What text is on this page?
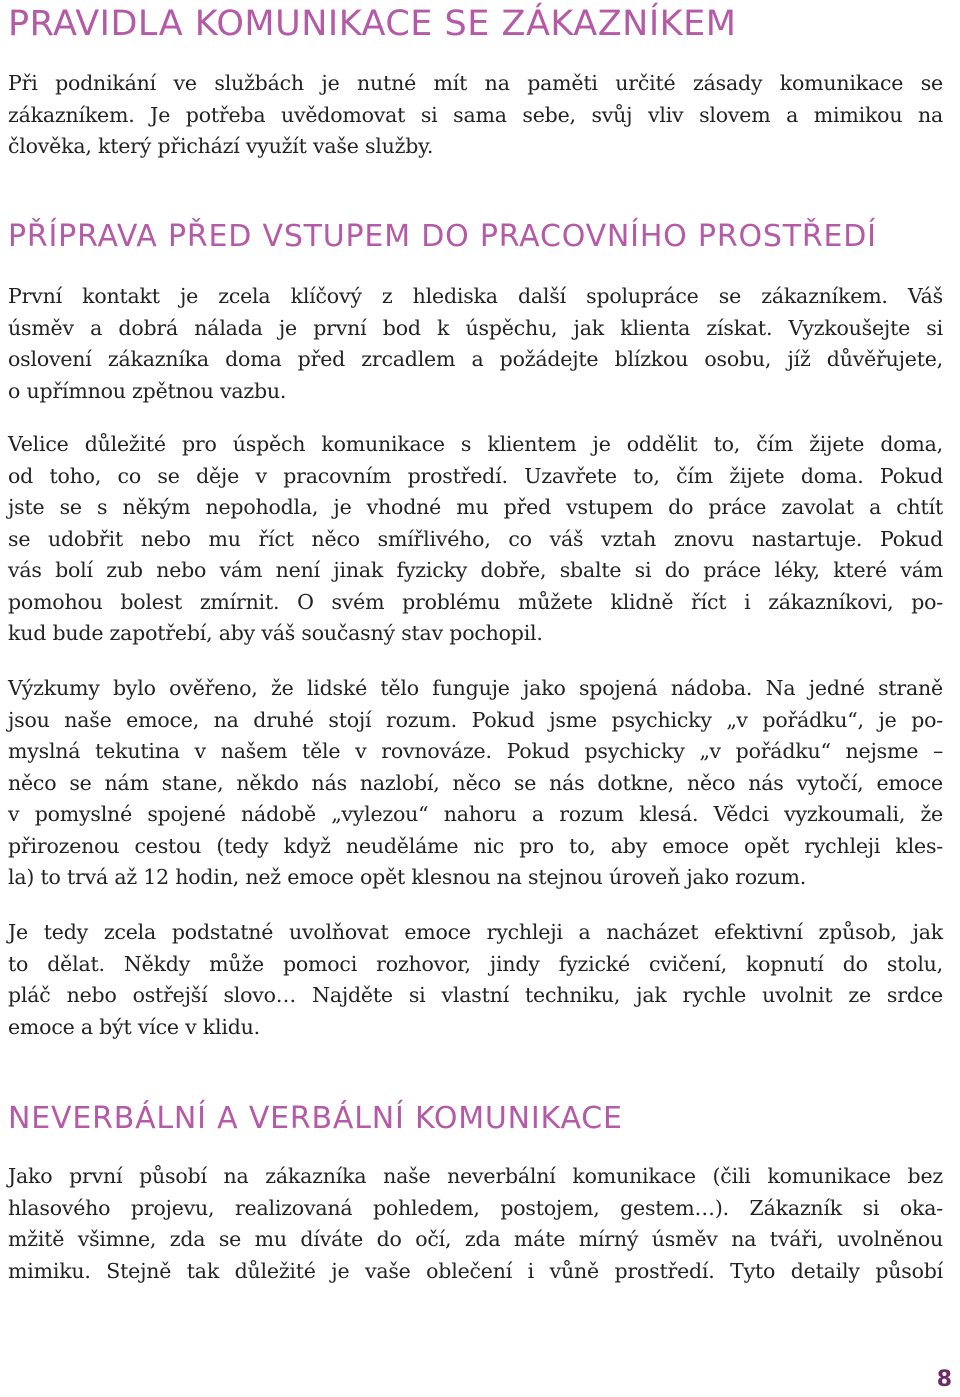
PRAVIDLA KOMUNIKACE SE ZÁKAZNÍKEM

Při podnikání ve službách je nutné mít na paměti určité zásady komunikace se
zákazníkem. Je potřeba uvědomovat si sama sebe, svůj vliv slovem a mimikou na
člověka, který přichází využít vaše služby.

PŘÍPRAVA PŘED VSTUPEM DO PRACOVNÍHO PROSTŘEDÍ

První kontakt je zcela klíčový z hlediska další spolupráce se zákazníkem. Váš
úsměv a dobrá nálada je první bod k úspěchu, jak klienta získat. Vyzkoušejte si
oslovení zákazníka doma před zrcadlem a požádejte blízkou osobu, jíž důvěřujete,
o upřímnou zpětnou vazbu.

Velice důležité pro úspěch komunikace s klientem je oddělit to, čím žijete doma,
od toho, co se děje v pracovním prostředí. Uzavřete to, čím žijete doma. Pokud
jste se s někým nepohodla, je vhodné mu před vstupem do práce zavolat a chtít
se udobřit nebo mu říct něco smířlivého, co váš vztah znovu nastartuje. Pokud
vás bolí zub nebo vám není jinak fyzicky dobře, sbalte si do práce léky, které vám
pomohou bolest zmírnit. O svém problému můžete klidně říct i zákazníkovi, po-
kud bude zapotřebí, aby váš současný stav pochopil.

Výzkumy bylo ověřeno, že lidské tělo funguje jako spojená nádoba. Na jedné straně
jsou naše emoce, na druhé stojí rozum. Pokud jsme psychicky „v pořádku“, je po-
myslná tekutina v našem těle v rovnováze. Pokud psychicky „v pořádku“ nejsme –
něco se nám stane, někdo nás nazlobí, něco se nás dotkne, něco nás vytočí, emoce
v pomyslné spojené nádobě „vylezou“ nahoru a rozum klesá. Vědci vyzkoumali, že
přirozenou cestou (tedy když neuděláme nic pro to, aby emoce opět rychleji kles-
la) to trvá až 12 hodin, než emoce opět klesnou na stejnou úroveň jako rozum.

Je tedy zcela podstatné uvolňovat emoce rychleji a nacházet efektivní způsob, jak
to dělat. Někdy může pomoci rozhovor, jindy fyzické cvičení, kopnutí do stolu,
pláč nebo ostřejší slovo… Najděte si vlastní techniku, jak rychle uvolnit ze srdce
emoce a být více v klidu.

NEVERBÁLNÍ A VERBÁLNÍ KOMUNIKACE

Jako první působí na zákazníka naše neverbální komunikace (čili komunikace bez
hlasového projevu, realizovaná pohledem, postojem, gestem…). Zákazník si oka-
mžitě všimne, zda se mu díváte do očí, zda máte mírný úsměv na tváři, uvolněnou
mimiku. Stejně tak důležité je vaše oblečení i vůně prostředí. Tyto detaily působí

8
